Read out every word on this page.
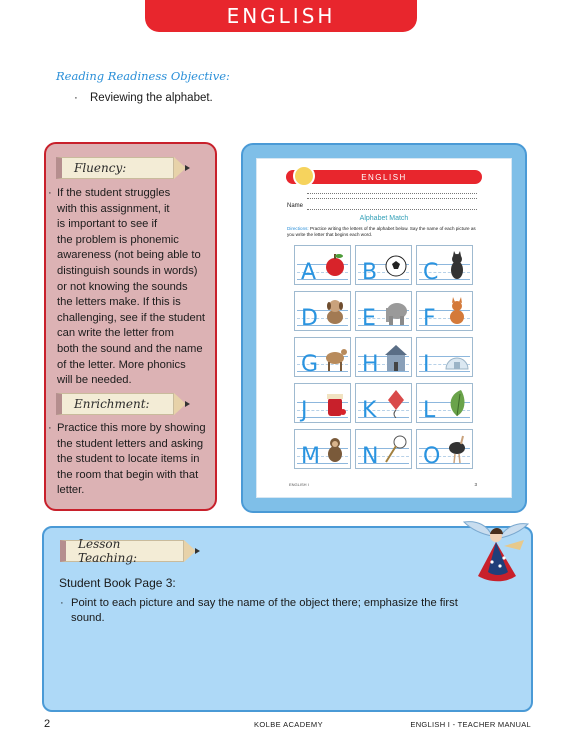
ENGLISH
Reading Readiness Objective:
· Reviewing the alphabet.
Fluency:
· If the student struggles
with this assignment, it
is important to see if
the problem is phonemic
awareness (not being able to
distinguish sounds in words)
or not knowing the sounds
the letters make. If this is
challenging, see if the student
can write the letter from
both the sound and the name
of the letter. More phonics
will be needed.
Enrichment:
· Practice this more by showing
the student letters and asking
the student to locate items in
the room that begin with that
letter.
ENGLISH
Name
Alphabet Match
Directions: Practice writing the letters of the alphabet below. Say the name of each picture as you write the letter that begins each word.
A B C
D E F
G H I
J K L
M N O
ENGLISH I	3
Lesson Teaching:
Student Book Page 3:
· Point to each picture and say the name of the object there; emphasize the first
sound.
2	KOLBE ACADEMY	ENGLISH I - TEACHER MANUAL
